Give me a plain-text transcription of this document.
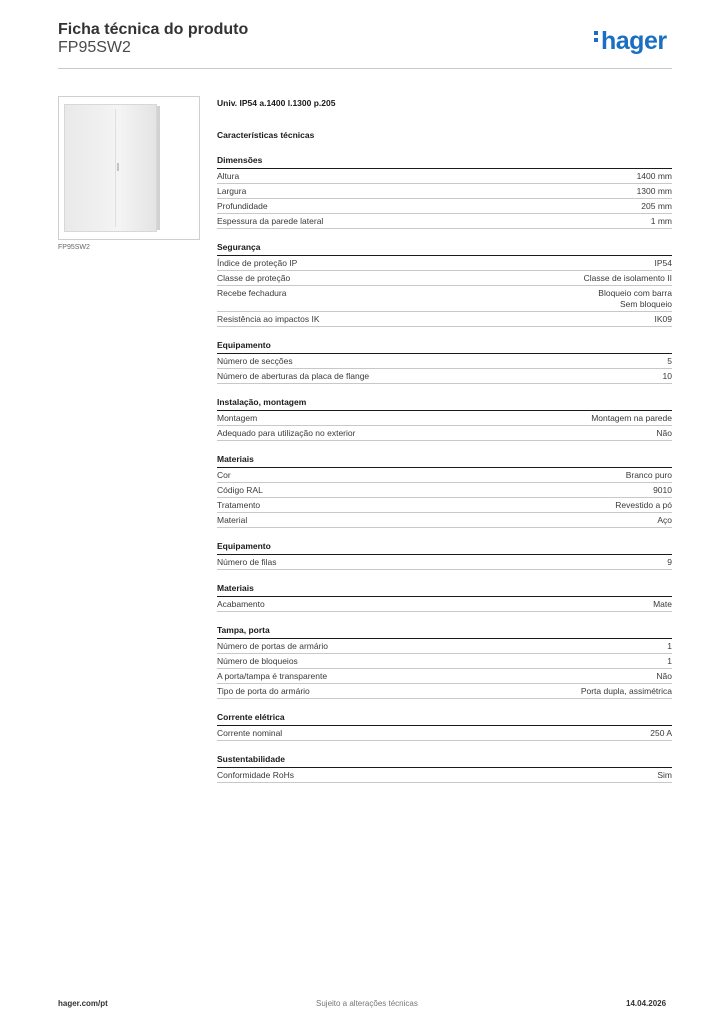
Ficha técnica do produto
FP95SW2	hager
FP95SW2
Univ. IP54 a.1400 l.1300 p.205
Características técnicas
Dimensões
Altura	1400 mm
Largura	1300 mm
Profundidade	205 mm
Espessura da parede lateral	1 mm
Segurança
Índice de proteção IP	IP54
Classe de proteção	Classe de isolamento II
Recebe fechadura	Bloqueio com barra
Sem bloqueio
Resistência ao impactos IK	IK09
Equipamento
Número de secções	5
Número de aberturas da placa de flange	10
Instalação, montagem
Montagem	Montagem na parede
Adequado para utilização no exterior	Não
Materiais
Cor	Branco puro
Código RAL	9010
Tratamento	Revestido a pó
Material	Aço
Equipamento
Número de filas	9
Materiais
Acabamento	Mate
Tampa, porta
Número de portas de armário	1
Número de bloqueios	1
A porta/tampa é transparente	Não
Tipo de porta do armário	Porta dupla, assimétrica
Corrente elétrica
Corrente nominal	250 A
Sustentabilidade
Conformidade RoHs	Sim
hager.com/pt	Sujeito a alterações técnicas	14.04.2026
